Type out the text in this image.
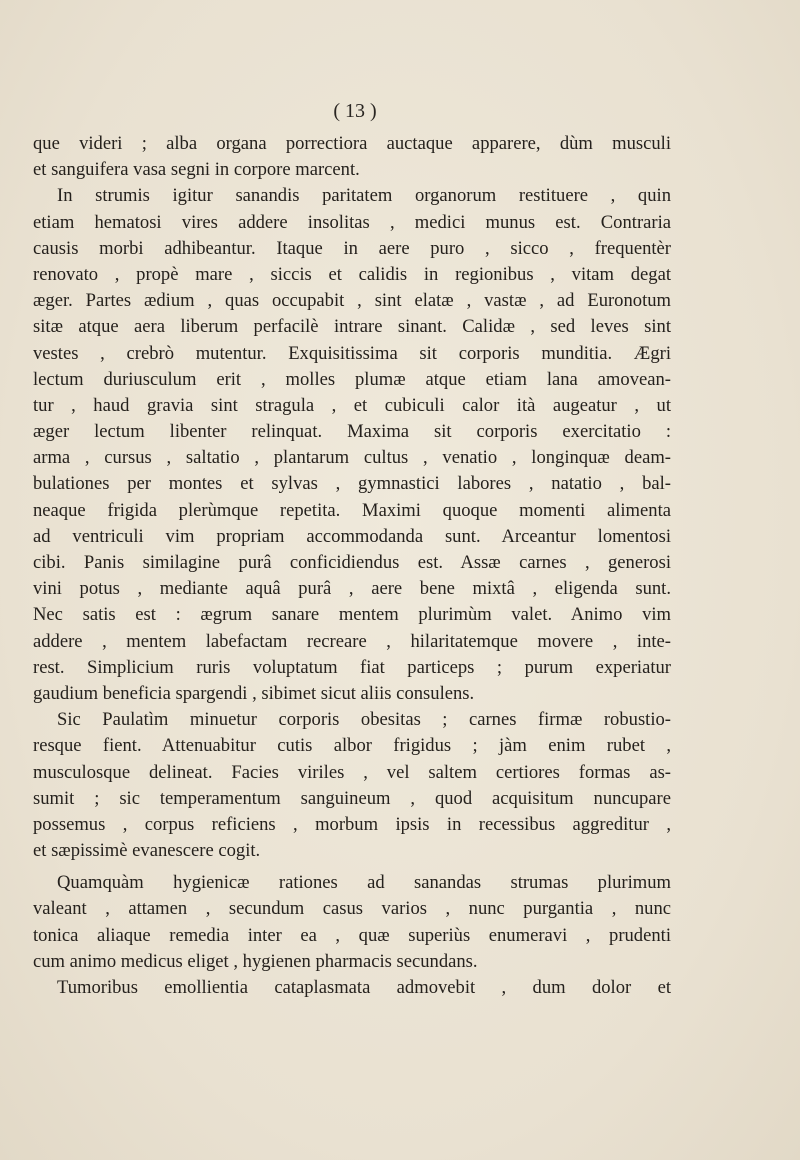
( 13 )
que videri ; alba organa porrectiora auctaque apparere, dùm musculi
et sanguifera vasa segni in corpore marcent.
In strumis igitur sanandis paritatem organorum restituere , quin
etiam hematosi vires addere insolitas , medici munus est. Contraria
causis morbi adhibeantur. Itaque in aere puro , sicco , frequentèr
renovato , propè mare , siccis et calidis in regionibus , vitam degat
æger. Partes ædium , quas occupabit , sint elatæ , vastæ , ad Euronotum
sitæ atque aera liberum perfacilè intrare sinant. Calidæ , sed leves sint
vestes , crebrò mutentur. Exquisitissima sit corporis munditia. Ægri
lectum duriusculum erit , molles plumæ atque etiam lana amovean-
tur , haud gravia sint stragula , et cubiculi calor ità augeatur , ut
æger lectum libenter relinquat. Maxima sit corporis exercitatio :
arma , cursus , saltatio , plantarum cultus , venatio , longinquæ deam-
bulationes per montes et sylvas , gymnastici labores , natatio , bal-
neaque frigida plerùmque repetita. Maximi quoque momenti alimenta
ad ventriculi vim propriam accommodanda sunt. Arceantur lomentosi
cibi. Panis similagine purâ conficidiendus est. Assæ carnes , generosi
vini potus , mediante aquâ purâ , aere bene mixtâ , eligenda sunt.
Nec satis est : ægrum sanare mentem plurimùm valet. Animo vim
addere , mentem labefactam recreare , hilaritatemque movere , inte-
rest. Simplicium ruris voluptatum fiat particeps ; purum experiatur
gaudium beneficia spargendi , sibimet sicut aliis consulens.
Sic Paulatìm minuetur corporis obesitas ; carnes firmæ robustio-
resque fient. Attenuabitur cutis albor frigidus ; jàm enim rubet ,
musculosque delineat. Facies viriles , vel saltem certiores formas as-
sumit ; sic temperamentum sanguineum , quod acquisitum nuncupare
possemus , corpus reficiens , morbum ipsis in recessibus aggreditur ,
et sæpissimè evanescere cogit.
Quamquàm hygienicæ rationes ad sanandas strumas plurimum
valeant , attamen , secundum casus varios , nunc purgantia , nunc
tonica aliaque remedia inter ea , quæ superiùs enumeravi , prudenti
cum animo medicus eliget , hygienen pharmacis secundans.
Tumoribus emollientia cataplasmata admovebit , dum dolor et
